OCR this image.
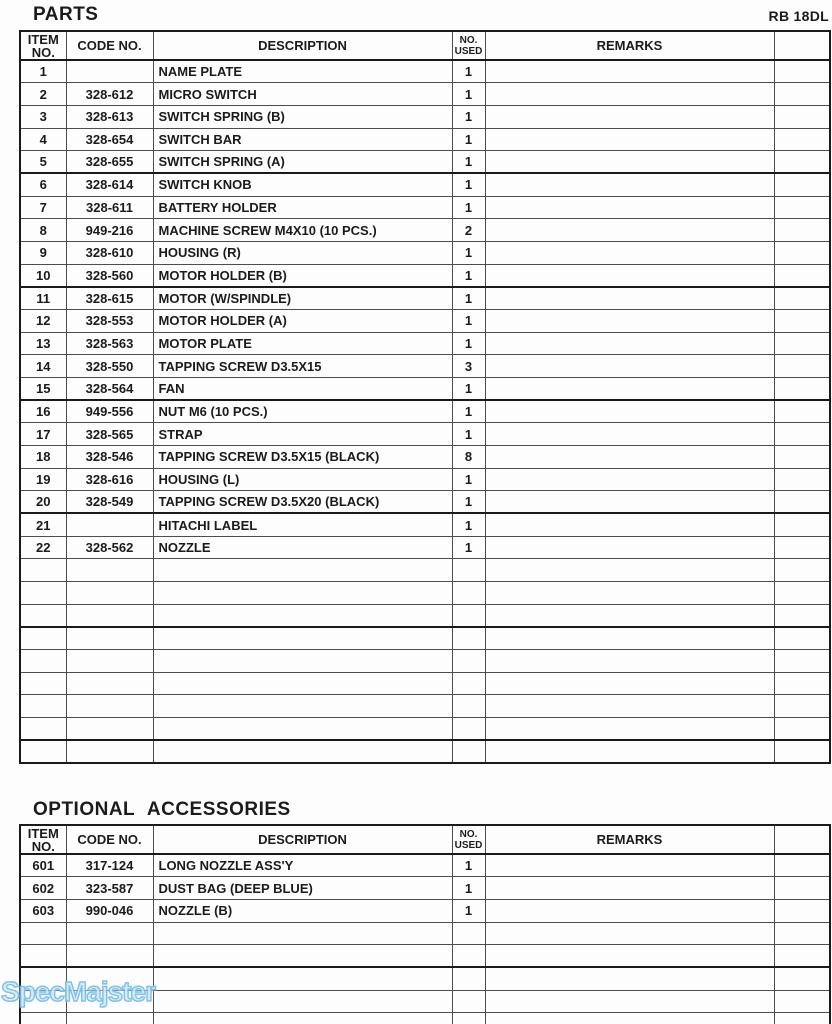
PARTS	RB 18DL
ITEM
NO.	CODE NO.	DESCRIPTION	NO.
USED	REMARKS	
1		NAME PLATE	1		
2	328-612	MICRO SWITCH	1		
3	328-613	SWITCH SPRING (B)	1		
4	328-654	SWITCH BAR	1		
5	328-655	SWITCH SPRING (A)	1		
6	328-614	SWITCH KNOB	1		
7	328-611	BATTERY HOLDER	1		
8	949-216	MACHINE SCREW M4X10 (10 PCS.)	2		
9	328-610	HOUSING (R)	1		
10	328-560	MOTOR HOLDER (B)	1		
11	328-615	MOTOR (W/SPINDLE)	1		
12	328-553	MOTOR HOLDER (A)	1		
13	328-563	MOTOR PLATE	1		
14	328-550	TAPPING SCREW D3.5X15	3		
15	328-564	FAN	1		
16	949-556	NUT M6 (10 PCS.)	1		
17	328-565	STRAP	1		
18	328-546	TAPPING SCREW D3.5X15 (BLACK)	8		
19	328-616	HOUSING (L)	1		
20	328-549	TAPPING SCREW D3.5X20 (BLACK)	1		
21		HITACHI LABEL	1		
22	328-562	NOZZLE	1		

OPTIONAL ACCESSORIES
ITEM
NO.	CODE NO.	DESCRIPTION	NO.
USED	REMARKS	
601	317-124	LONG NOZZLE ASS'Y	1		
602	323-587	DUST BAG (DEEP BLUE)	1		
603	990-046	NOZZLE (B)	1		

SpecMajster
